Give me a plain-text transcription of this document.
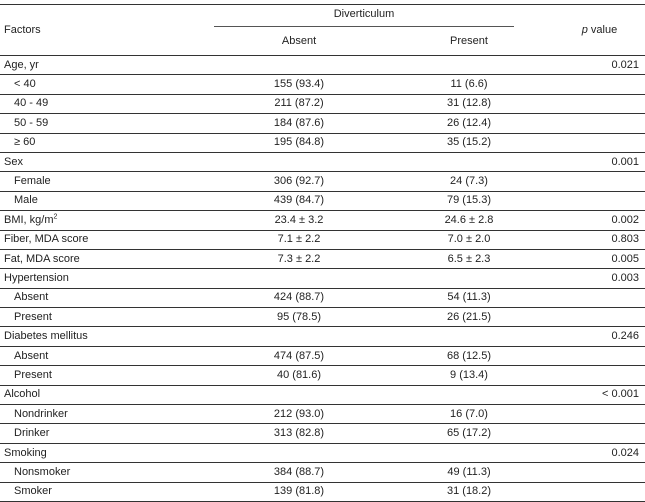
Factors	Diverticulum		p value
	Absent	Present	
Age, yr			0.021
< 40	155 (93.4)	11 (6.6)	
40 - 49	211 (87.2)	31 (12.8)	
50 - 59	184 (87.6)	26 (12.4)	
≥ 60	195 (84.8)	35 (15.2)	
Sex			0.001
Female	306 (92.7)	24 (7.3)	
Male	439 (84.7)	79 (15.3)	
BMI, $kg/m^2$	23.4 ± 3.2	24.6 ± 2.8	0.002
Fiber, MDA score	7.1 ± 2.2	7.0 ± 2.0	0.803
Fat, MDA score	7.3 ± 2.2	6.5 ± 2.3	0.005
Hypertension			0.003
Absent	424 (88.7)	54 (11.3)	
Present	95 (78.5)	26 (21.5)	
Diabetes mellitus			0.246
Absent	474 (87.5)	68 (12.5)	
Present	40 (81.6)	9 (13.4)	
Alcohol			< 0.001
Nondrinker	212 (93.0)	16 (7.0)	
Drinker	313 (82.8)	65 (17.2)	
Smoking			0.024
Nonsmoker	384 (88.7)	49 (11.3)	
Smoker	139 (81.8)	31 (18.2)	
